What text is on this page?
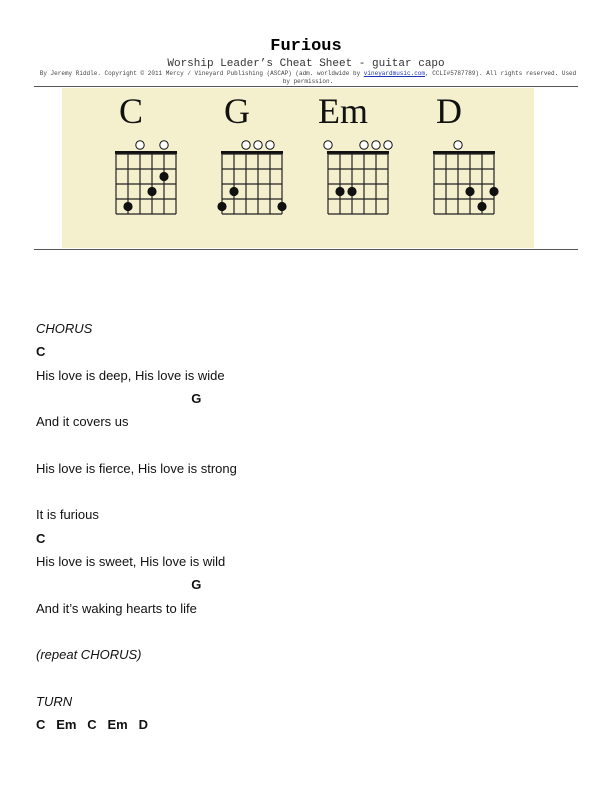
Furious
Worship Leader’s Cheat Sheet - guitar capo
By Jeremy Riddle. Copyright © 2011 Mercy / Vineyard Publishing (ASCAP) (adm. worldwide by vineyardmusic.com, CCLI#5787789). All rights reserved. Used by permission.
C	G	Em	D
CHORUS
C
His love is deep, His love is wide
G
And it covers us
His love is fierce, His love is strong
It is furious
C
His love is sweet, His love is wild
G
And it’s waking hearts to life
(repeat CHORUS)
TURN
C   Em   C   Em   D
